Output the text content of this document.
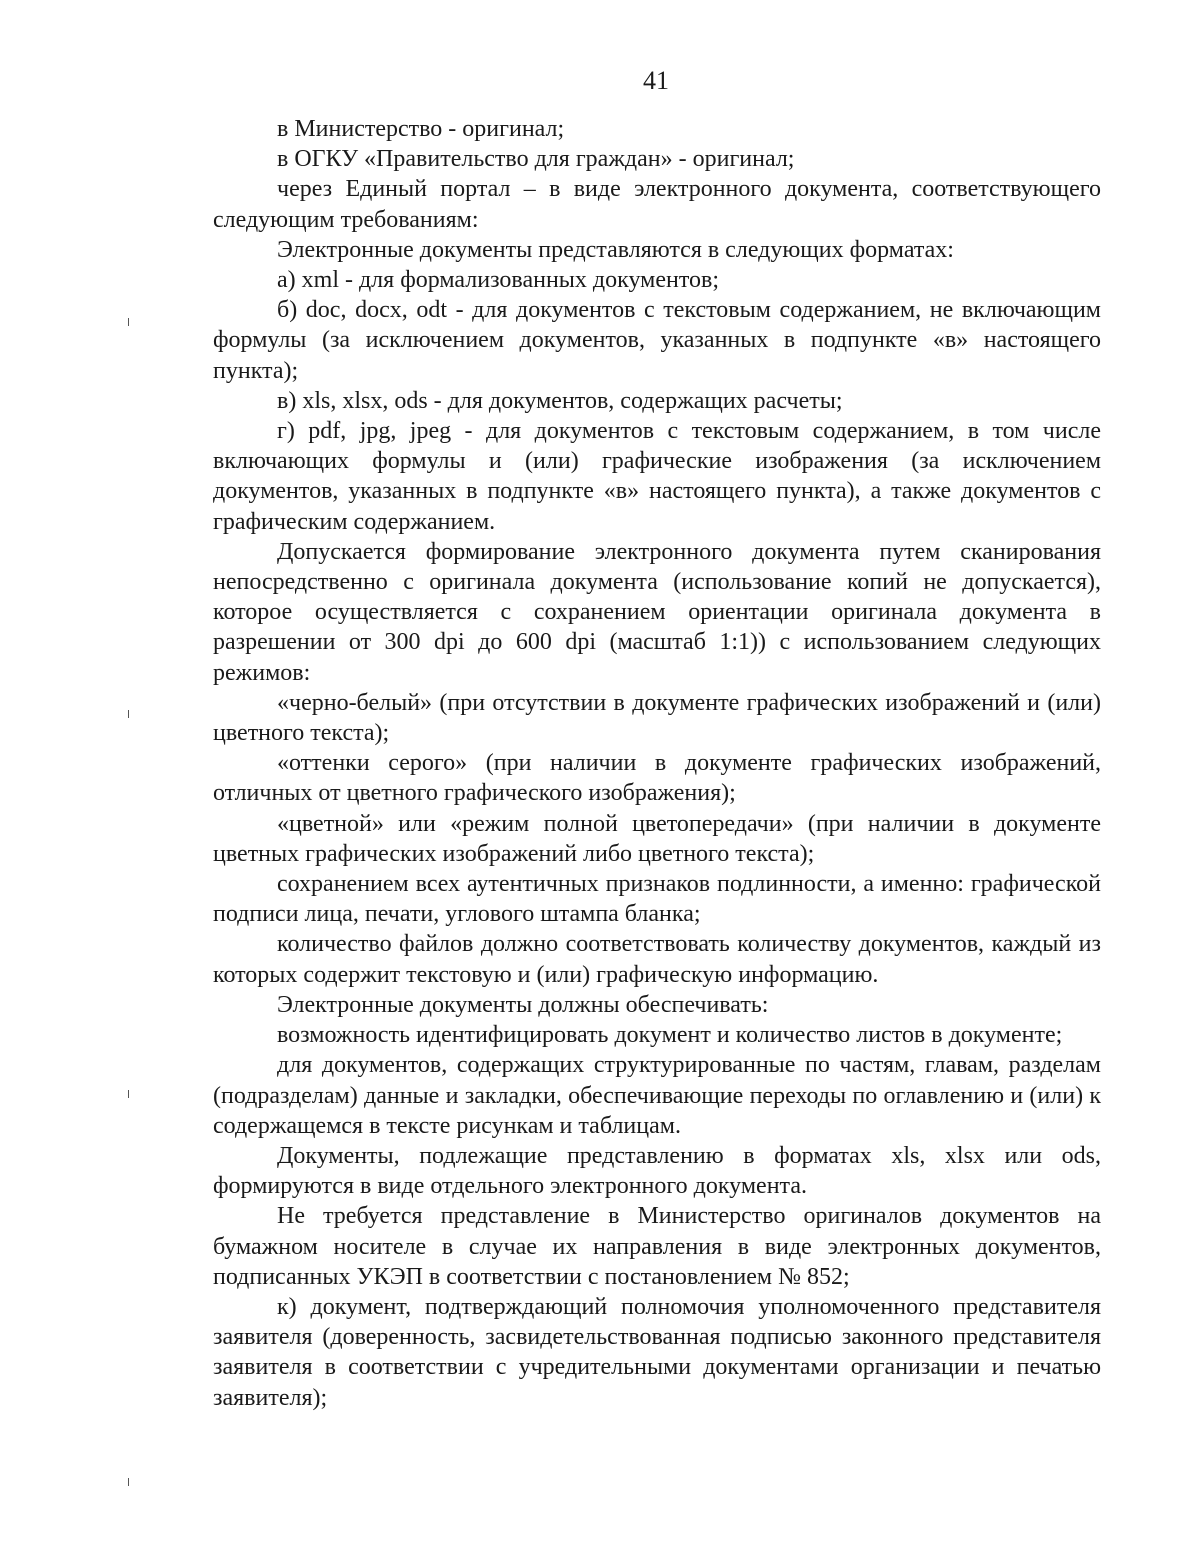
41

в Министерство - оригинал;

в ОГКУ «Правительство для граждан» - оригинал;

через Единый портал – в виде электронного документа, соответствующего следующим требованиям:

Электронные документы представляются в следующих форматах:

а) xml - для формализованных документов;

б) doc, docx, odt - для документов с текстовым содержанием, не включающим формулы (за исключением документов, указанных в подпункте «в» настоящего пункта);

в) xls, xlsx, ods - для документов, содержащих расчеты;

г) pdf, jpg, jpeg - для документов с текстовым содержанием, в том числе включающих формулы и (или) графические изображения (за исключением документов, указанных в подпункте «в» настоящего пункта), а также документов с графическим содержанием.

Допускается формирование электронного документа путем сканирования непосредственно с оригинала документа (использование копий не допускается), которое осуществляется с сохранением ориентации оригинала документа в разрешении от 300 dpi до 600 dpi (масштаб 1:1)) с использованием следующих режимов:

«черно-белый» (при отсутствии в документе графических изображений и (или) цветного текста);

«оттенки серого» (при наличии в документе графических изображений, отличных от цветного графического изображения);

«цветной» или «режим полной цветопередачи» (при наличии в документе цветных графических изображений либо цветного текста);

сохранением всех аутентичных признаков подлинности, а именно: графической подписи лица, печати, углового штампа бланка;

количество файлов должно соответствовать количеству документов, каждый из которых содержит текстовую и (или) графическую информацию.

Электронные документы должны обеспечивать:

возможность идентифицировать документ и количество листов в документе;

для документов, содержащих структурированные по частям, главам, разделам (подразделам) данные и закладки, обеспечивающие переходы по оглавлению и (или) к содержащемся в тексте рисункам и таблицам.

Документы, подлежащие представлению в форматах xls, xlsx или ods, формируются в виде отдельного электронного документа.

Не требуется представление в Министерство оригиналов документов на бумажном носителе в случае их направления в виде электронных документов, подписанных УКЭП в соответствии с постановлением № 852;

к) документ, подтверждающий полномочия уполномоченного представителя заявителя (доверенность, засвидетельствованная подписью законного представителя заявителя в соответствии с учредительными документами организации и печатью заявителя);
